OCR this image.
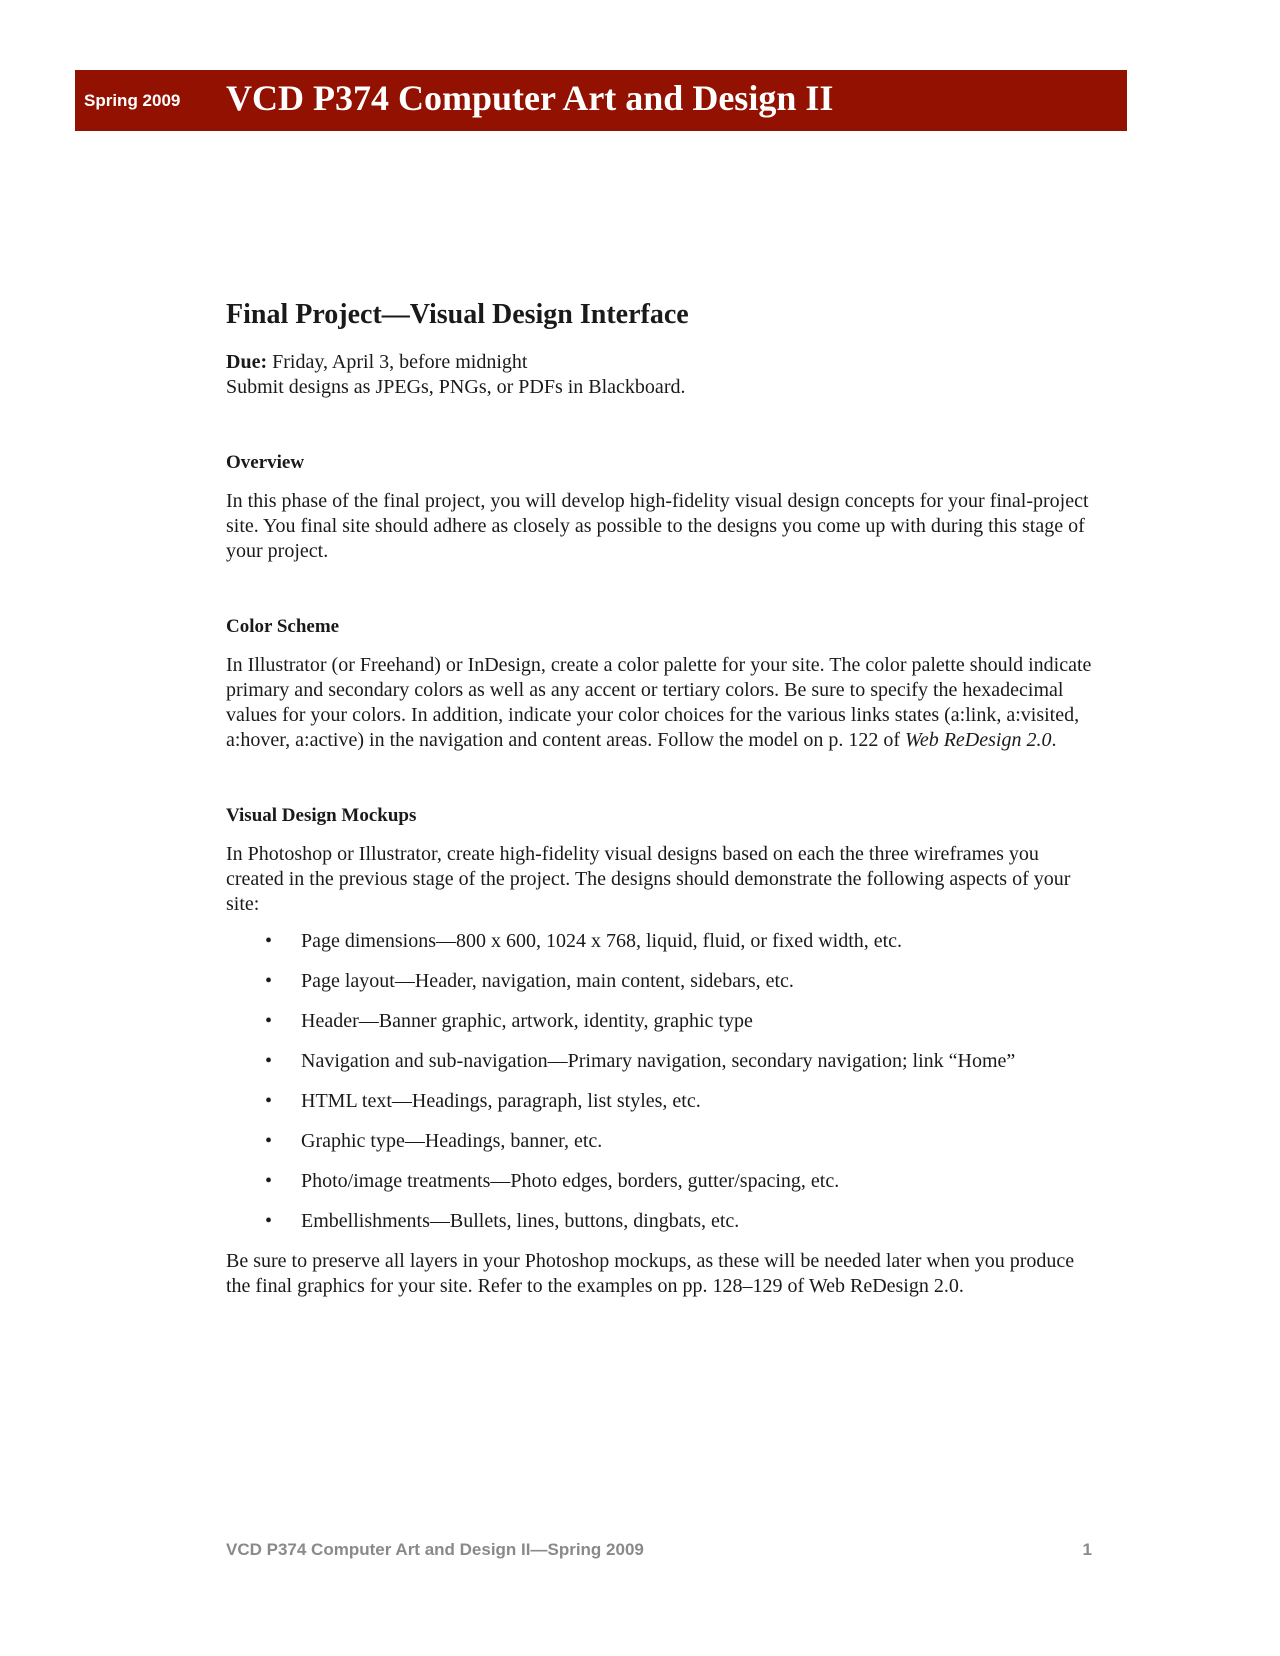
Spring 2009 VCD P374 Computer Art and Design II
Final Project—Visual Design Interface

Due: Friday, April 3, before midnight

Submit designs as JPEGs, PNGs, or PDFs in Blackboard.

Overview

In this phase of the final project, you will develop high-fidelity visual design concepts for your final-project site. You final site should adhere as closely as possible to the designs you come up with during this stage of your project.

Color Scheme

In Illustrator (or Freehand) or InDesign, create a color palette for your site. The color palette should indicate primary and secondary colors as well as any accent or tertiary colors. Be sure to specify the hexadecimal values for your colors. In addition, indicate your color choices for the various links states (a:link, a:visited, a:hover, a:active) in the navigation and content areas. Follow the model on p. 122 of Web ReDesign 2.0.

Visual Design Mockups

In Photoshop or Illustrator, create high-fidelity visual designs based on each the three wireframes you created in the previous stage of the project. The designs should demonstrate the following aspects of your site:

• Page dimensions—800 x 600, 1024 x 768, liquid, fluid, or fixed width, etc.
• Page layout—Header, navigation, main content, sidebars, etc.
• Header—Banner graphic, artwork, identity, graphic type
• Navigation and sub-navigation—Primary navigation, secondary navigation; link “Home”
• HTML text—Headings, paragraph, list styles, etc.
• Graphic type—Headings, banner, etc.
• Photo/image treatments—Photo edges, borders, gutter/spacing, etc.
• Embellishments—Bullets, lines, buttons, dingbats, etc.

Be sure to preserve all layers in your Photoshop mockups, as these will be needed later when you produce the final graphics for your site. Refer to the examples on pp. 128–129 of Web ReDesign 2.0.

VCD P374 Computer Art and Design II—Spring 2009	1
